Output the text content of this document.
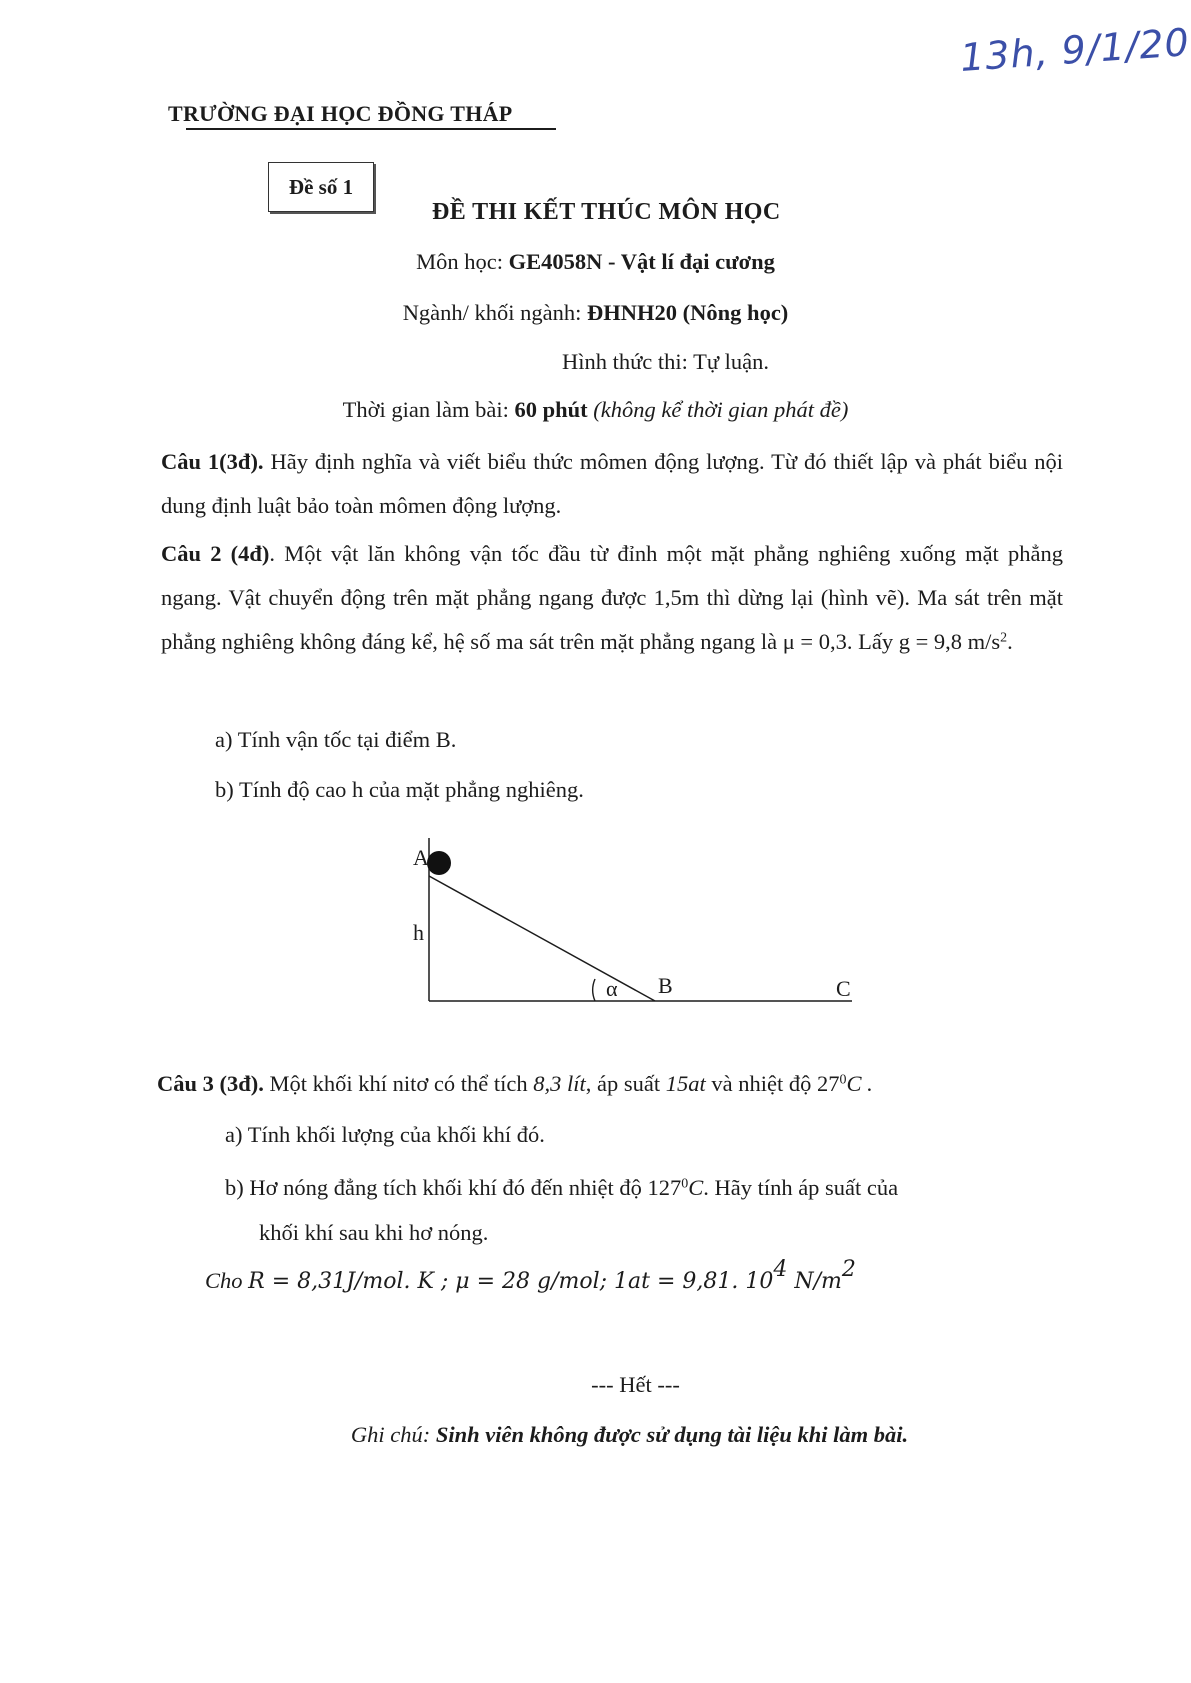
13h, 9/1/20
TRƯỜNG ĐẠI HỌC ĐỒNG THÁP
Đề số 1
ĐỀ THI KẾT THÚC MÔN HỌC
Môn học: GE4058N - Vật lí đại cương
Ngành/ khối ngành: ĐHNH20 (Nông học)
Hình thức thi: Tự luận.
Thời gian làm bài: 60 phút (không kể thời gian phát đề)
Câu 1(3đ). Hãy định nghĩa và viết biểu thức mômen động lượng. Từ đó thiết lập và phát biểu nội dung định luật bảo toàn mômen động lượng.
Câu 2 (4đ). Một vật lăn không vận tốc đầu từ đỉnh một mặt phẳng nghiêng xuống mặt phẳng ngang. Vật chuyển động trên mặt phẳng ngang được 1,5m thì dừng lại (hình vẽ). Ma sát trên mặt phẳng nghiêng không đáng kể, hệ số ma sát trên mặt phẳng ngang là μ = 0,3. Lấy g = 9,8 $m/s^2$.
a) Tính vận tốc tại điểm B.
b) Tính độ cao h của mặt phẳng nghiêng.
A
h
α B	C
Câu 3 (3đ). Một khối khí nitơ có thể tích 8,3 lít, áp suất 15at và nhiệt độ $27^0C$ .
a) Tính khối lượng của khối khí đó.
b) Hơ nóng đẳng tích khối khí đó đến nhiệt độ $127^0C$. Hãy tính áp suất của
khối khí sau khi hơ nóng.
Cho R = 8,31J/mol. K ; μ = 28 g/mol; 1at = 9,81. $10^4$ $N/m^2$
--- Hết ---
Ghi chú: Sinh viên không được sử dụng tài liệu khi làm bài.
